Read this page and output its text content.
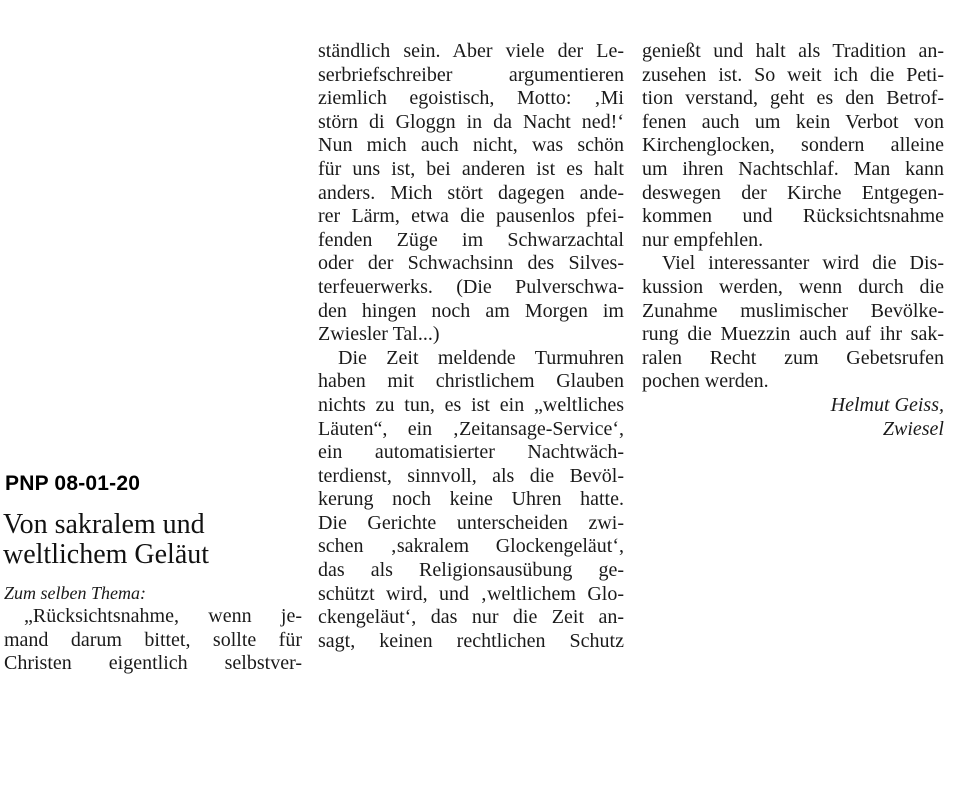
PNP 08-01-20
Von sakralem und
weltlichem Geläut
Zum selben Thema:
„Rücksichtsnahme, wenn je-
mand darum bittet, sollte für
Christen eigentlich selbstver-
ständlich sein. Aber viele der Le-
serbriefschreiber argumentieren
ziemlich egoistisch, Motto: ‚Mi
störn di Gloggn in da Nacht ned!‘
Nun mich auch nicht, was schön
für uns ist, bei anderen ist es halt
anders. Mich stört dagegen ande-
rer Lärm, etwa die pausenlos pfei-
fenden Züge im Schwarzachtal
oder der Schwachsinn des Silves-
terfeuerwerks. (Die Pulverschwa-
den hingen noch am Morgen im
Zwiesler Tal...)
Die Zeit meldende Turmuhren
haben mit christlichem Glauben
nichts zu tun, es ist ein „weltliches
Läuten“, ein ‚Zeitansage-Service‘,
ein automatisierter Nachtwäch-
terdienst, sinnvoll, als die Bevöl-
kerung noch keine Uhren hatte.
Die Gerichte unterscheiden zwi-
schen ‚sakralem Glockengeläut‘,
das als Religionsausübung ge-
schützt wird, und ‚weltlichem Glo-
ckengeläut‘, das nur die Zeit an-
sagt, keinen rechtlichen Schutz
genießt und halt als Tradition an-
zusehen ist. So weit ich die Peti-
tion verstand, geht es den Betrof-
fenen auch um kein Verbot von
Kirchenglocken, sondern alleine
um ihren Nachtschlaf. Man kann
deswegen der Kirche Entgegen-
kommen und Rücksichtsnahme
nur empfehlen.
Viel interessanter wird die Dis-
kussion werden, wenn durch die
Zunahme muslimischer Bevölke-
rung die Muezzin auch auf ihr sak-
ralen Recht zum Gebetsrufen
pochen werden.
Helmut Geiss,
Zwiesel
